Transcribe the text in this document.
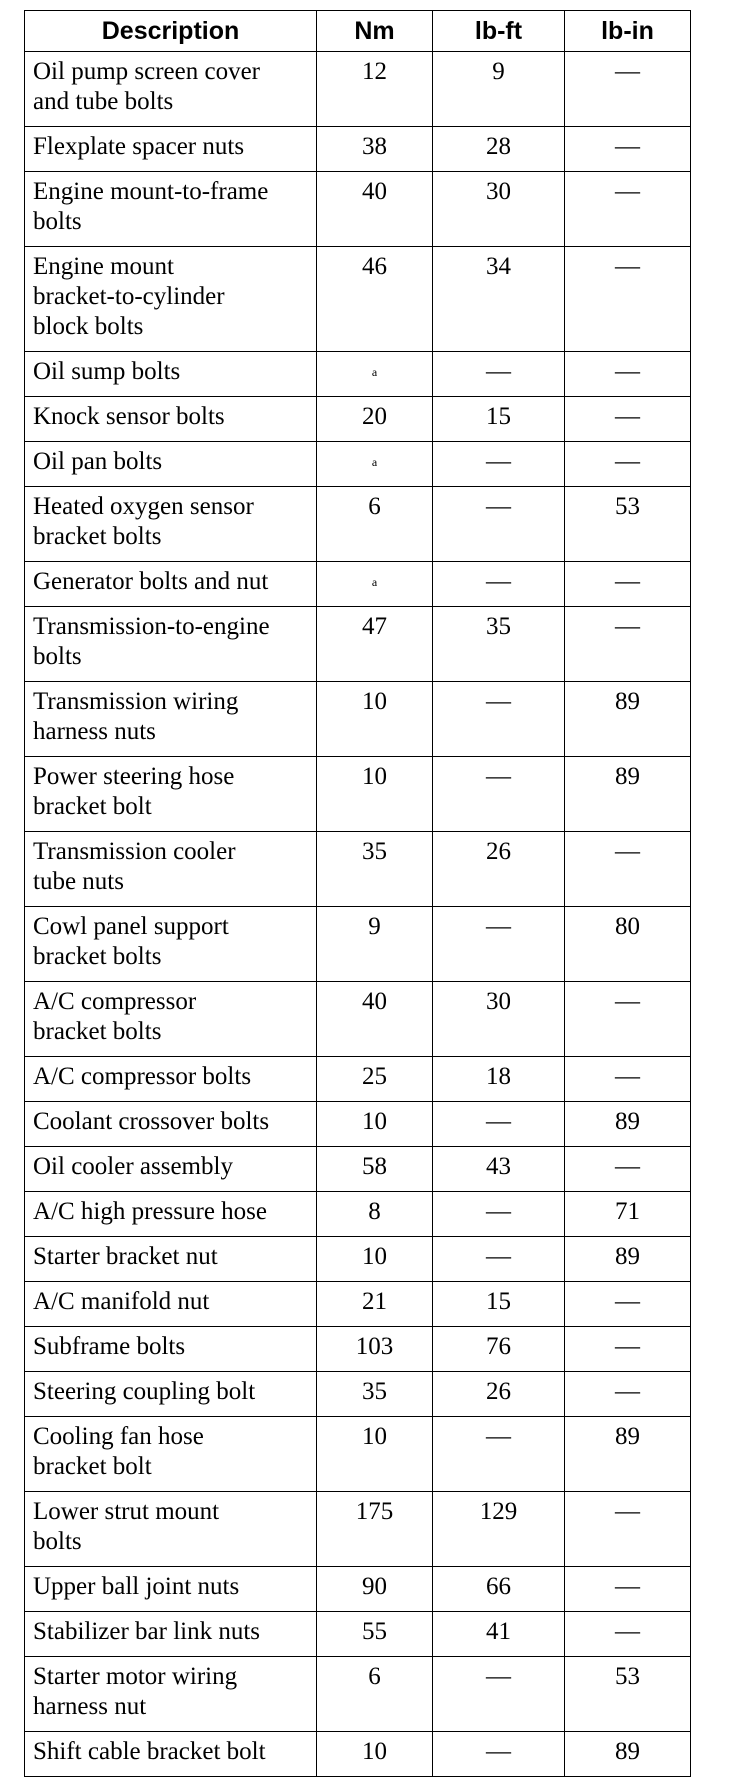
Description	Nm	lb-ft	lb-in

Oil pump screen cover
and tube bolts	12	9	—

Flexplate spacer nuts	38	28	—

Engine mount-to-frame
bolts	40	30	—

Engine mount
bracket-to-cylinder
block bolts	46	34	—

Oil sump bolts	a	—	—

Knock sensor bolts	20	15	—

Oil pan bolts	a	—	—

Heated oxygen sensor
bracket bolts	6	—	53

Generator bolts and nut	a	—	—

Transmission-to-engine
bolts	47	35	—

Transmission wiring
harness nuts	10	—	89

Power steering hose
bracket bolt	10	—	89

Transmission cooler
tube nuts	35	26	—

Cowl panel support
bracket bolts	9	—	80

A/C compressor
bracket bolts	40	30	—

A/C compressor bolts	25	18	—

Coolant crossover bolts	10	—	89

Oil cooler assembly	58	43	—

A/C high pressure hose	8	—	71

Starter bracket nut	10	—	89

A/C manifold nut	21	15	—

Subframe bolts	103	76	—

Steering coupling bolt	35	26	—

Cooling fan hose
bracket bolt	10	—	89

Lower strut mount
bolts	175	129	—

Upper ball joint nuts	90	66	—

Stabilizer bar link nuts	55	41	—

Starter motor wiring
harness nut	6	—	53

Shift cable bracket bolt	10	—	89
